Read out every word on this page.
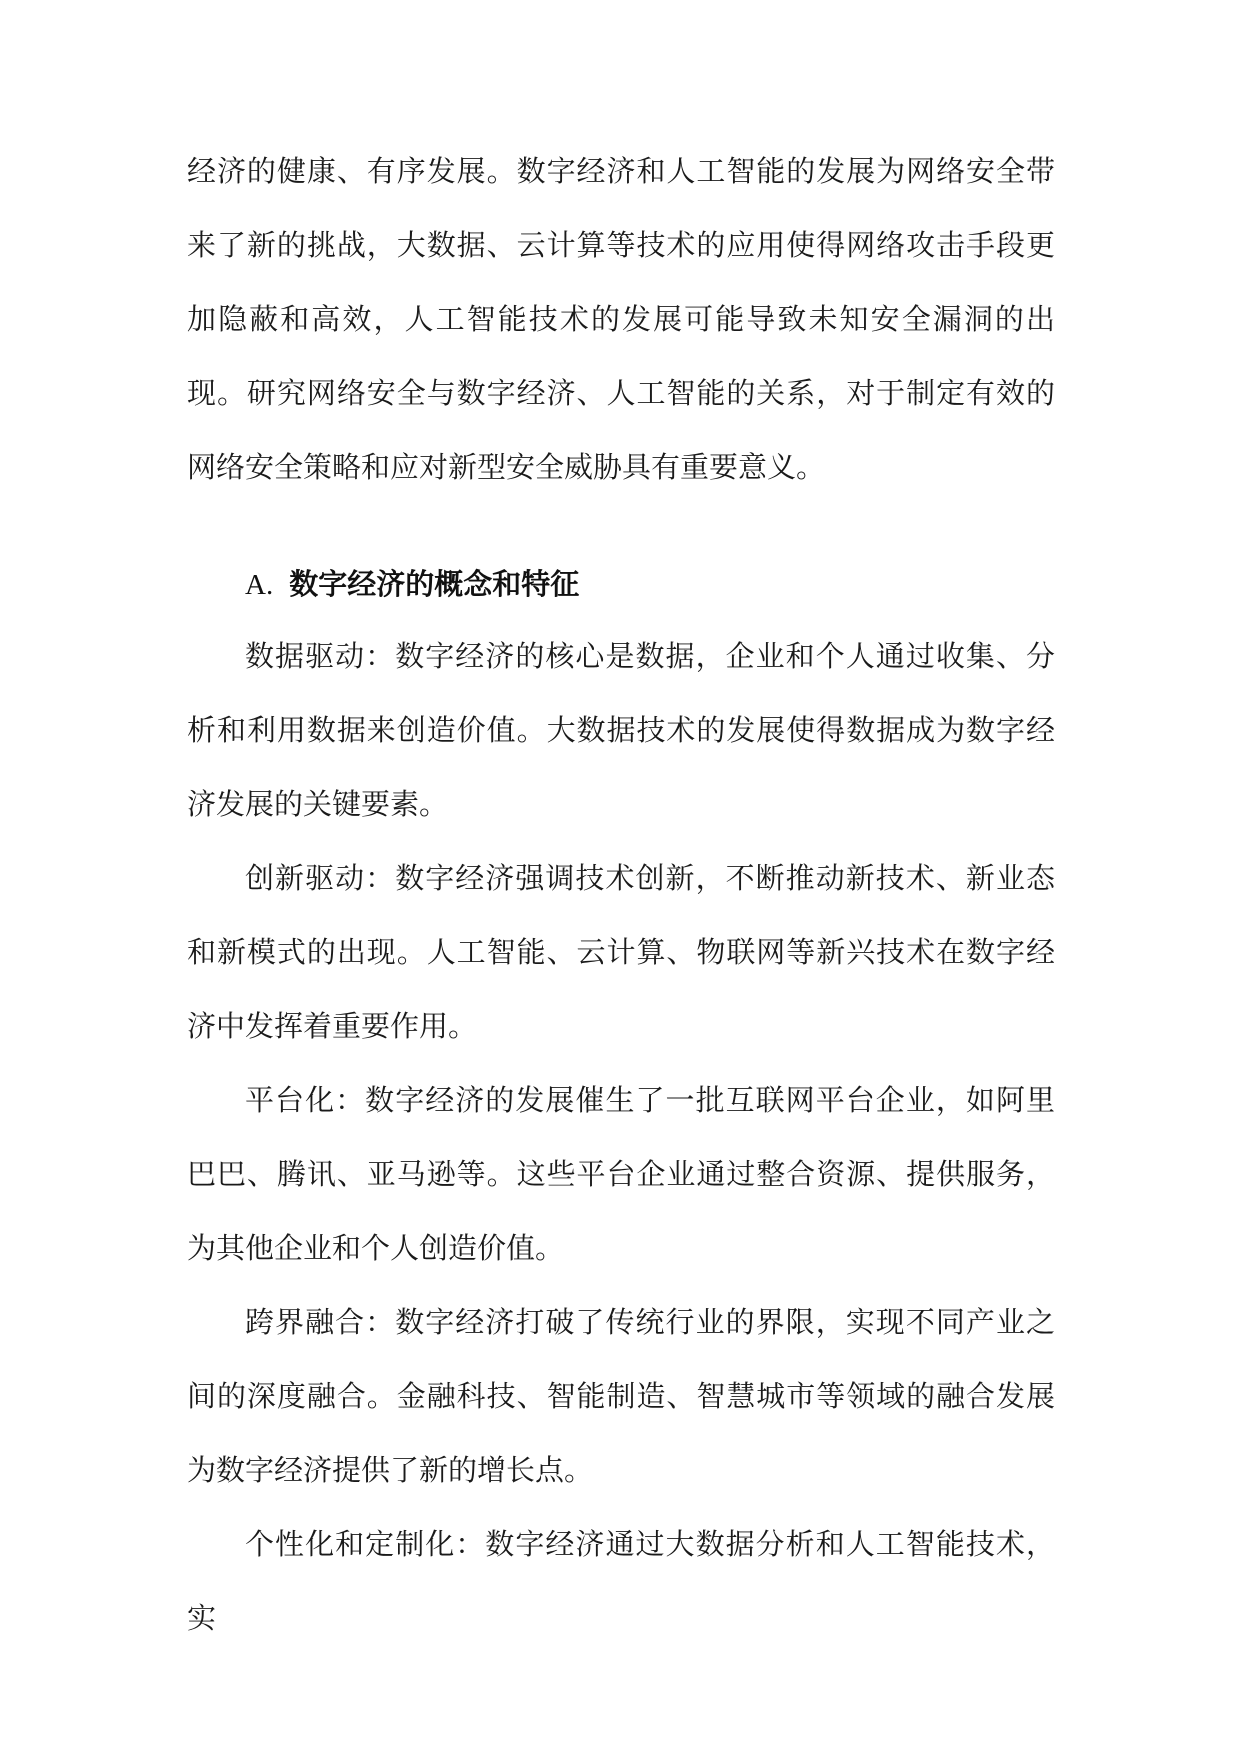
经济的健康、有序发展。数字经济和人工智能的发展为网络安全带来了新的挑战，大数据、云计算等技术的应用使得网络攻击手段更加隐蔽和高效，人工智能技术的发展可能导致未知安全漏洞的出现。研究网络安全与数字经济、人工智能的关系，对于制定有效的网络安全策略和应对新型安全威胁具有重要意义。

A. 数字经济的概念和特征

数据驱动：数字经济的核心是数据，企业和个人通过收集、分析和利用数据来创造价值。大数据技术的发展使得数据成为数字经济发展的关键要素。

创新驱动：数字经济强调技术创新，不断推动新技术、新业态和新模式的出现。人工智能、云计算、物联网等新兴技术在数字经济中发挥着重要作用。

平台化：数字经济的发展催生了一批互联网平台企业，如阿里巴巴、腾讯、亚马逊等。这些平台企业通过整合资源、提供服务，为其他企业和个人创造价值。

跨界融合：数字经济打破了传统行业的界限，实现不同产业之间的深度融合。金融科技、智能制造、智慧城市等领域的融合发展为数字经济提供了新的增长点。

个性化和定制化：数字经济通过大数据分析和人工智能技术，实
